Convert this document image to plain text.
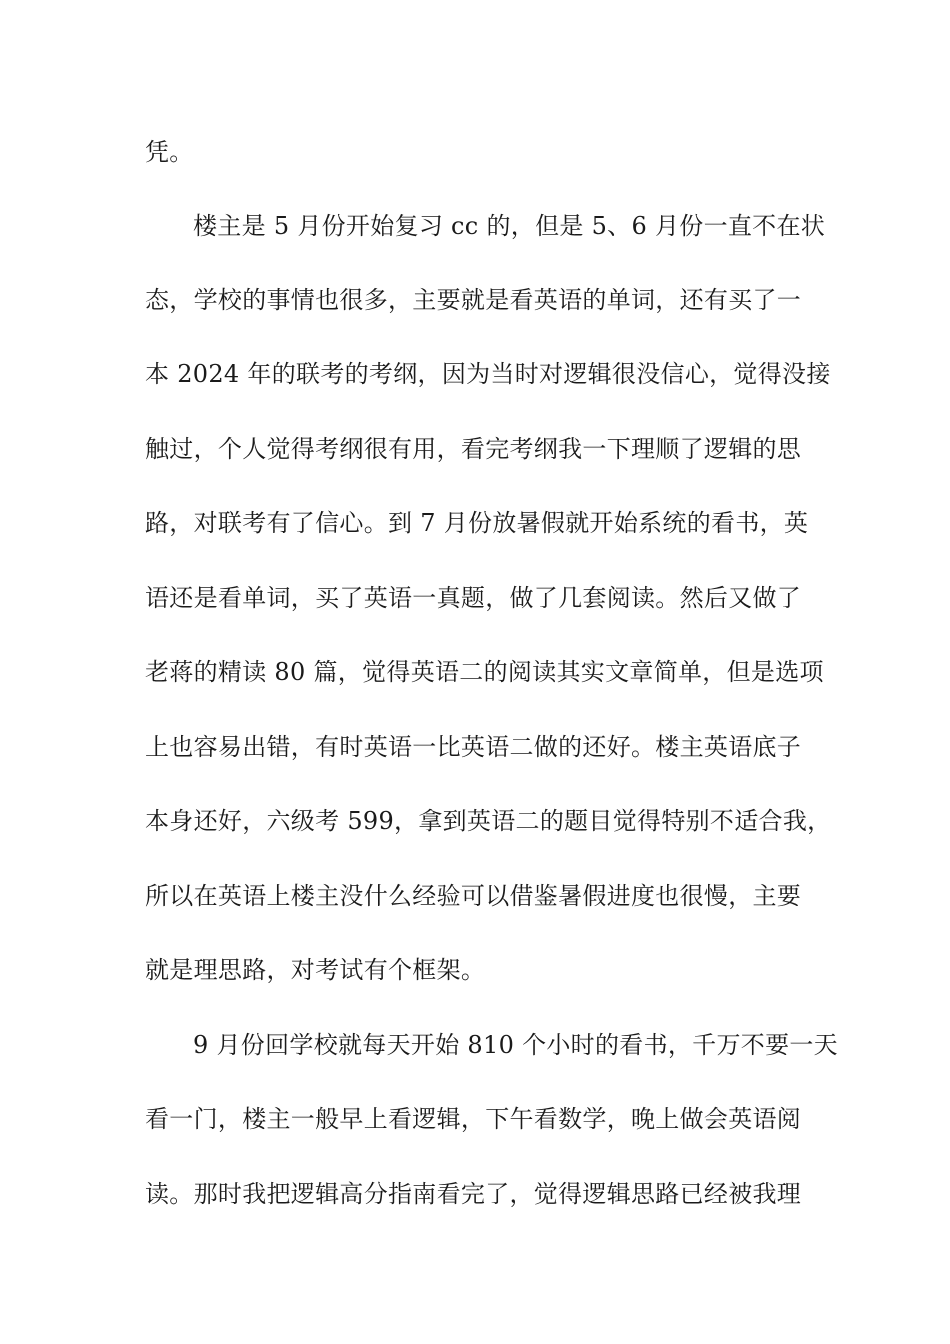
凭。
楼主是 5 月份开始复习 cc 的，但是 5、6 月份一直不在状
态，学校的事情也很多，主要就是看英语的单词，还有买了一
本 2024 年的联考的考纲，因为当时对逻辑很没信心，觉得没接
触过，个人觉得考纲很有用，看完考纲我一下理顺了逻辑的思
路，对联考有了信心。到 7 月份放暑假就开始系统的看书，英
语还是看单词，买了英语一真题，做了几套阅读。然后又做了
老蒋的精读 80 篇，觉得英语二的阅读其实文章简单，但是选项
上也容易出错，有时英语一比英语二做的还好。楼主英语底子
本身还好，六级考 599，拿到英语二的题目觉得特别不适合我，
所以在英语上楼主没什么经验可以借鉴暑假进度也很慢，主要
就是理思路，对考试有个框架。
9 月份回学校就每天开始 810 个小时的看书，千万不要一天
看一门，楼主一般早上看逻辑，下午看数学，晚上做会英语阅
读。那时我把逻辑高分指南看完了，觉得逻辑思路已经被我理
